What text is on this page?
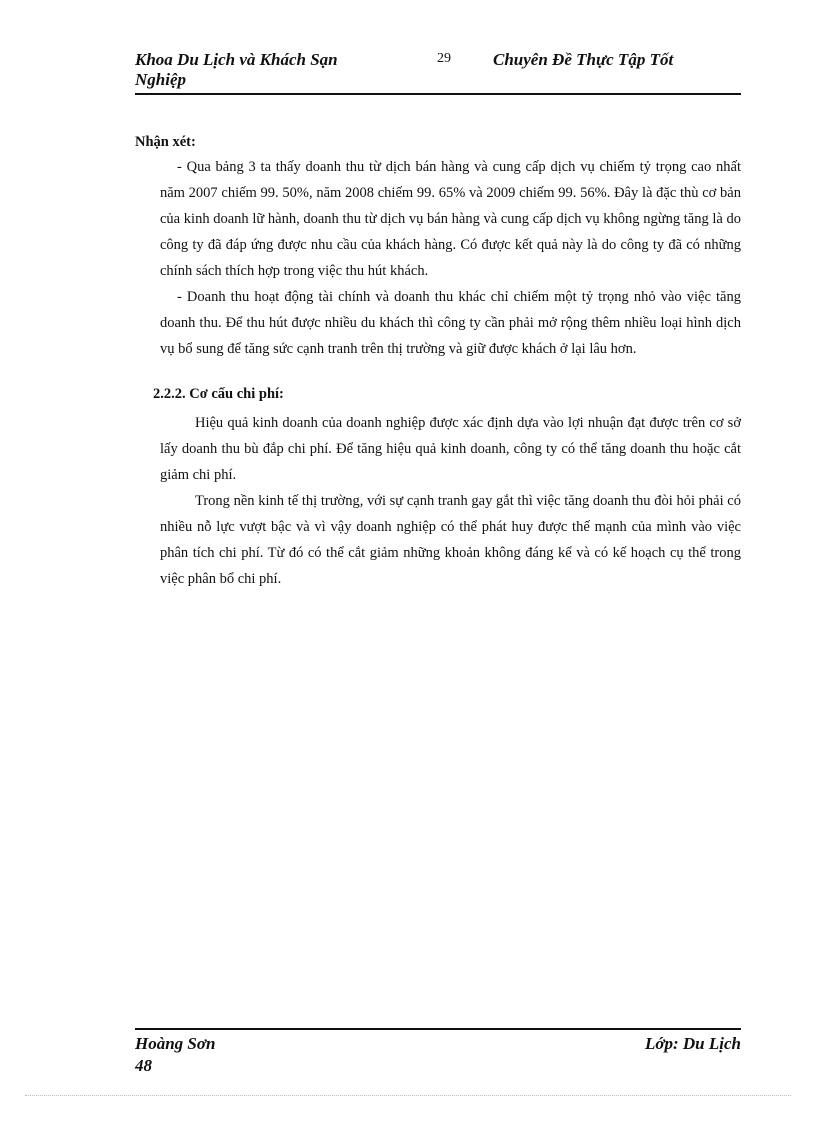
Khoa Du Lịch và Khách Sạn Nghiệp
29 Chuyên Đề Thực Tập Tốt
Nhận xét:

- Qua bảng 3 ta thấy doanh thu từ dịch bán hàng và cung cấp dịch vụ chiếm tỷ trọng cao nhất năm 2007 chiếm 99. 50%, năm 2008 chiếm 99. 65% và 2009 chiếm 99. 56%. Đây là đặc thù cơ bản của kinh doanh lữ hành, doanh thu từ dịch vụ bán hàng và cung cấp dịch vụ không ngừng tăng là do công ty đã đáp ứng được nhu cầu của khách hàng. Có được kết quả này là do công ty đã có những chính sách thích hợp trong việc thu hút khách.

- Doanh thu hoạt động tài chính và doanh thu khác chỉ chiếm một tỷ trọng nhỏ vào việc tăng doanh thu. Để thu hút được nhiều du khách thì công ty cần phải mở rộng thêm nhiều loại hình dịch vụ bổ sung để tăng sức cạnh tranh trên thị trường và giữ được khách ở lại lâu hơn.

2.2.2. Cơ cấu chi phí:

Hiệu quả kinh doanh của doanh nghiệp được xác định dựa vào lợi nhuận đạt được trên cơ sở lấy doanh thu bù đắp chi phí. Để tăng hiệu quả kinh doanh, công ty có thể tăng doanh thu hoặc cắt giảm chi phí.

Trong nền kinh tế thị trường, với sự cạnh tranh gay gắt thì việc tăng doanh thu đòi hỏi phải có nhiều nỗ lực vượt bậc và vì vậy doanh nghiệp có thể phát huy được thế mạnh của mình vào việc phân tích chi phí. Từ đó có thể cắt giảm những khoản không đáng kể và có kế hoạch cụ thể trong việc phân bổ chi phí.

Hoàng Sơn
48
Lớp: Du Lịch
